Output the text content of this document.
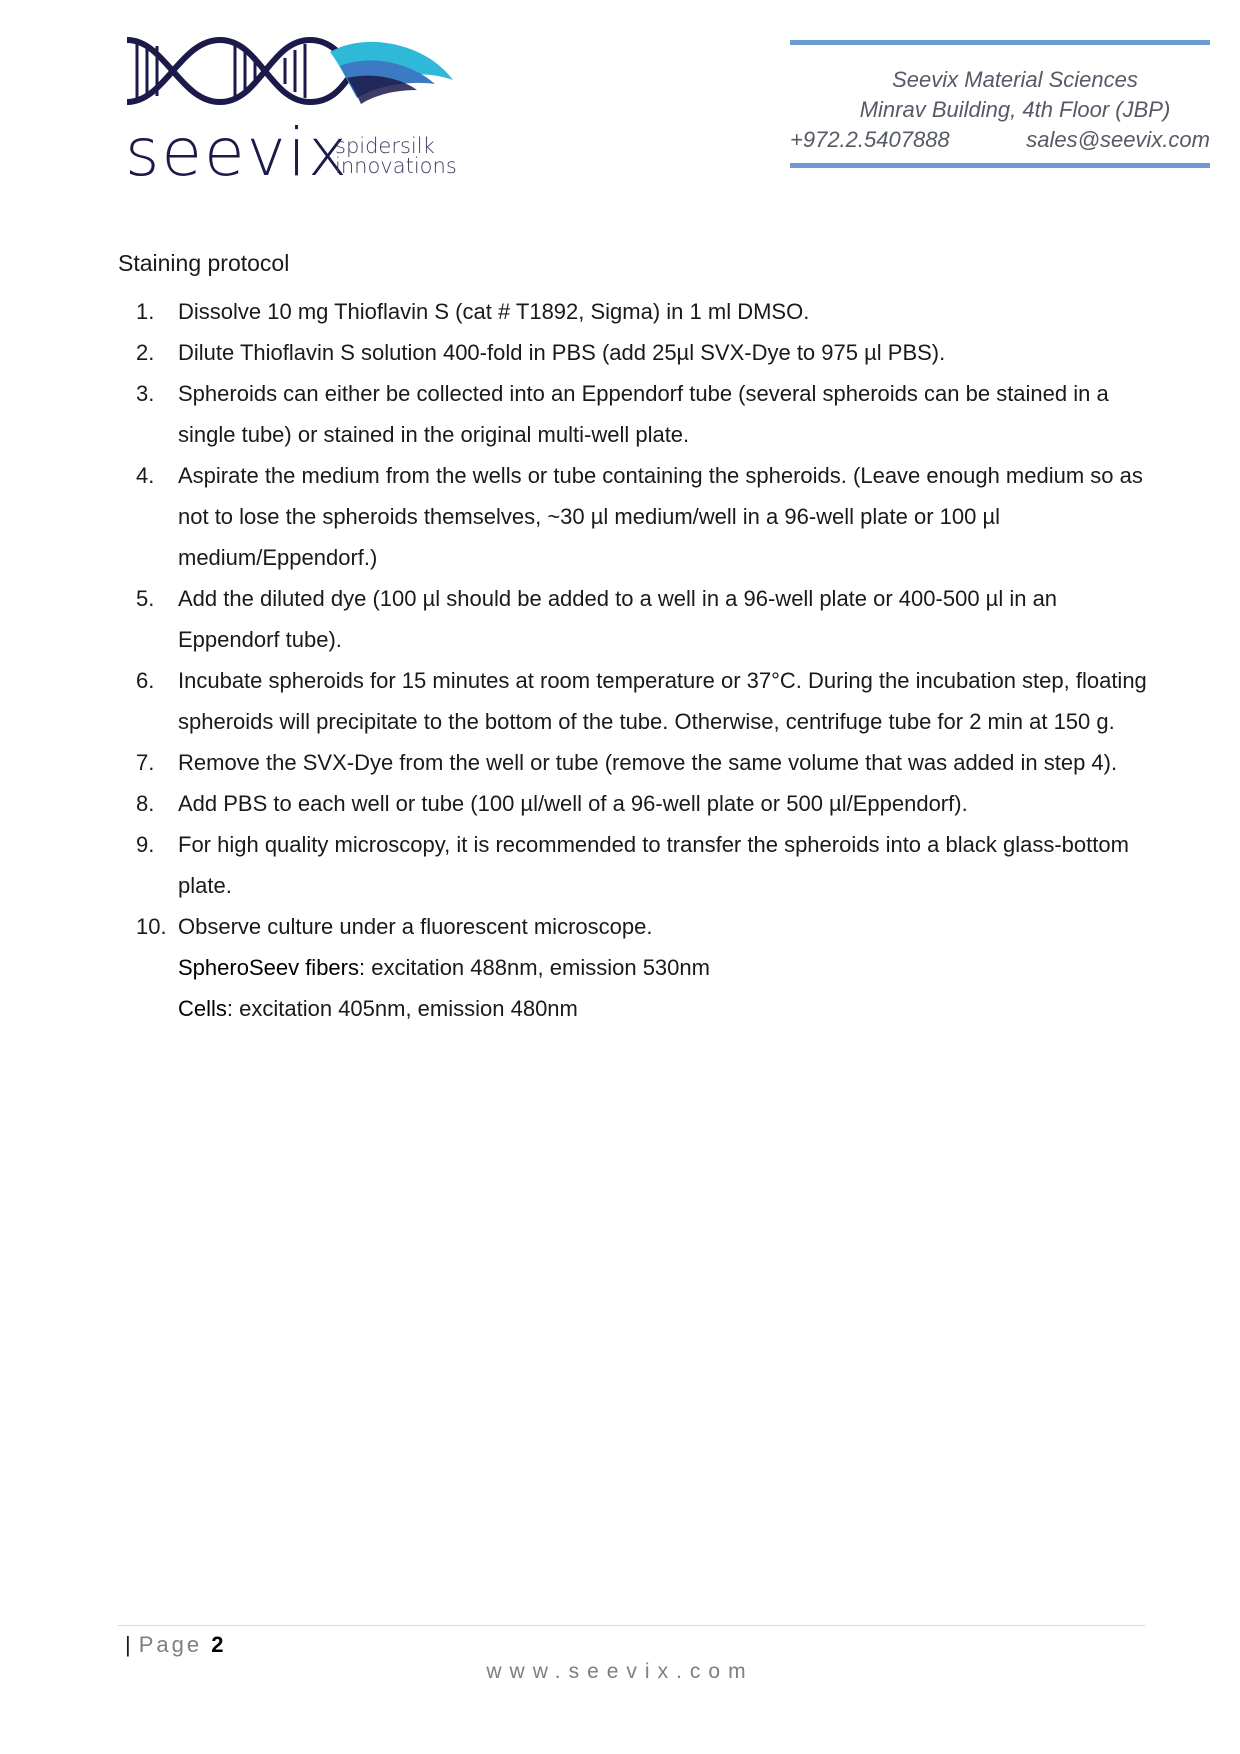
seevix
spidersilk
innovations
Seevix Material Sciences
Minrav Building, 4th Floor (JBP)
+972.2.5407888	sales@seevix.com
Staining protocol
1.	Dissolve 10 mg Thioflavin S (cat # T1892, Sigma) in 1 ml DMSO.
2.	Dilute Thioflavin S solution 400-fold in PBS (add 25µl SVX-Dye to 975 µl PBS).
3.	Spheroids can either be collected into an Eppendorf tube (several spheroids can be stained in a single tube) or stained in the original multi-well plate.
4.	Aspirate the medium from the wells or tube containing the spheroids. (Leave enough medium so as not to lose the spheroids themselves, ~30 µl medium/well in a 96-well plate or 100 µl medium/Eppendorf.)
5.	Add the diluted dye (100 µl should be added to a well in a 96-well plate or 400-500 µl in an Eppendorf tube).
6.	Incubate spheroids for 15 minutes at room temperature or 37°C. During the incubation step, floating spheroids will precipitate to the bottom of the tube. Otherwise, centrifuge tube for 2 min at 150 g.
7.	Remove the SVX-Dye from the well or tube (remove the same volume that was added in step 4).
8.	Add PBS to each well or tube (100 µl/well of a 96-well plate or 500 µl/Eppendorf).
9.	For high quality microscopy, it is recommended to transfer the spheroids into a black glass-bottom plate.
10. Observe culture under a fluorescent microscope.
SpheroSeev fibers: excitation 488nm, emission 530nm
Cells: excitation 405nm, emission 480nm
| Page 2
www.seevix.com
